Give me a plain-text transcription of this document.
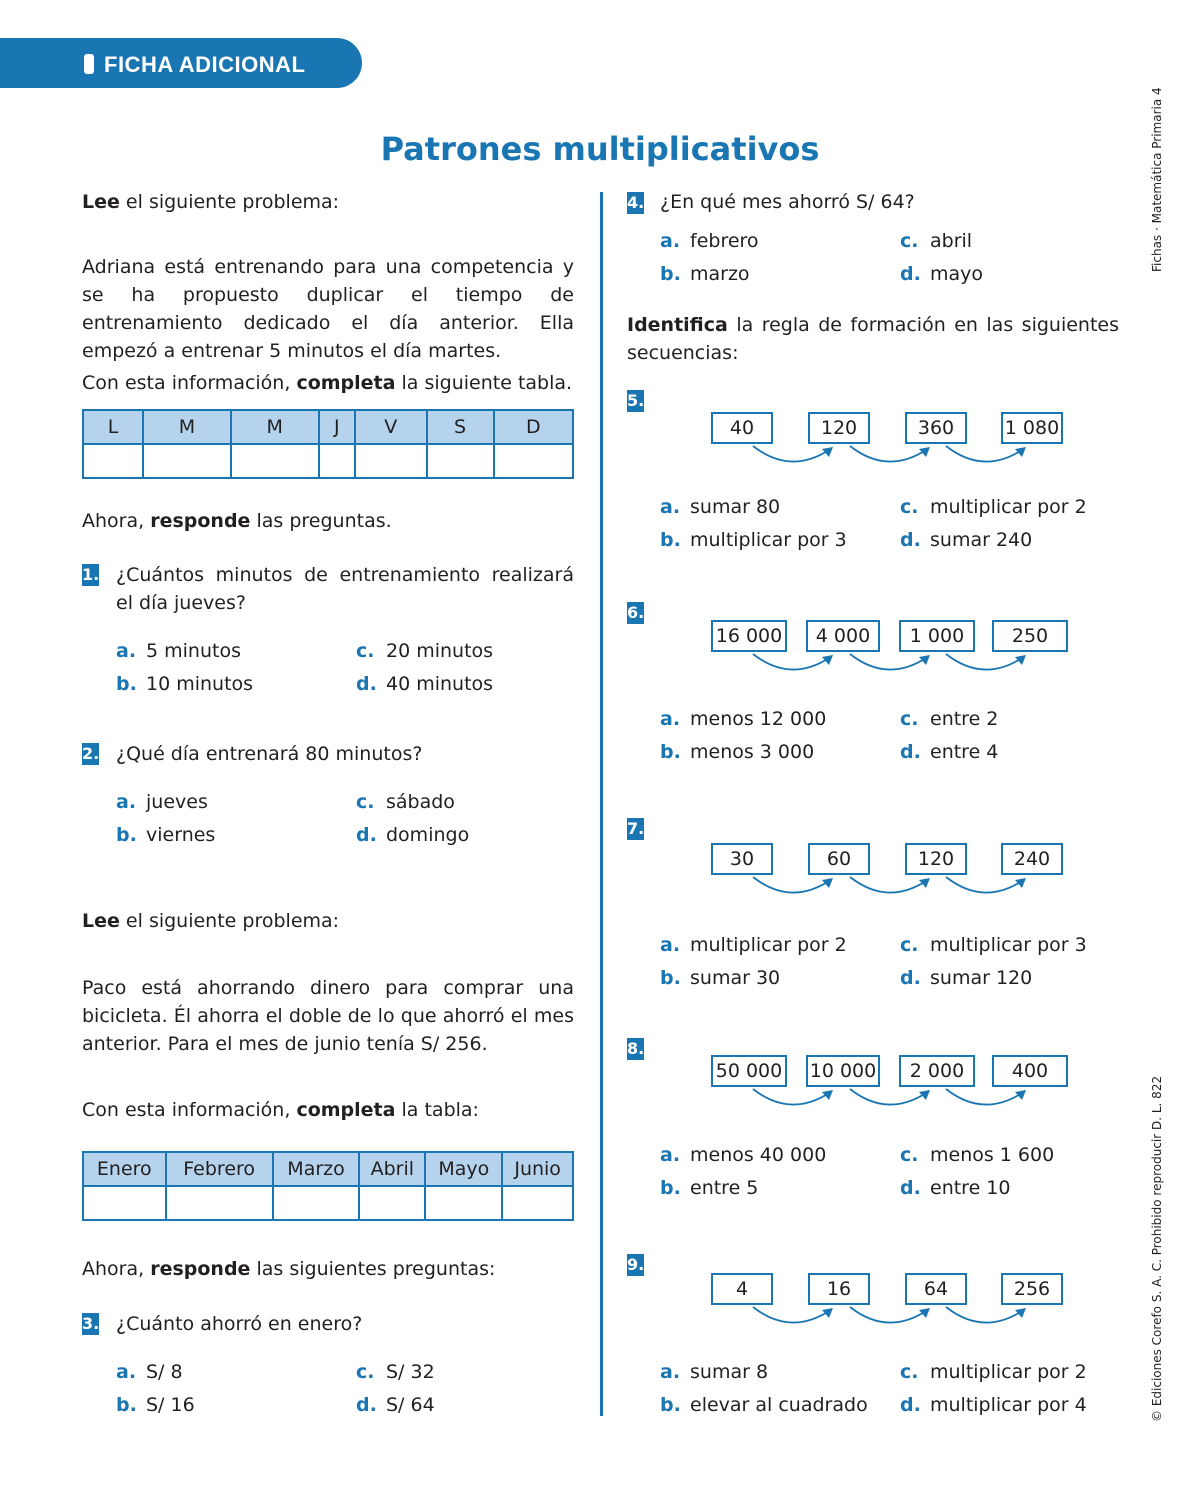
FICHA ADICIONAL
Patrones multiplicativos	Fichas · Matemática Primaria 4
© Ediciones Corefo S. A. C. Prohibido reproducir D. L. 822
Lee el siguiente problema:
Adriana está entrenando para una competencia y se ha propuesto duplicar el tiempo de entrenamiento dedicado el día anterior. Ella empezó a entrenar 5 minutos el día martes.
Con esta información, completa la siguiente tabla.
L	M	M	J	V	S	D

Ahora, responde las preguntas.
1. ¿Cuántos minutos de entrenamiento realizará el día jueves?
a. 5 minutos
b. 10 minutos
c. 20 minutos
d. 40 minutos
2. ¿Qué día entrenará 80 minutos?
a. jueves
b. viernes
c. sábado
d. domingo
Lee el siguiente problema:
Paco está ahorrando dinero para comprar una bicicleta. Él ahorra el doble de lo que ahorró el mes anterior. Para el mes de junio tenía S/ 256.
Con esta información, completa la tabla:
Enero	Febrero	Marzo	Abril	Mayo	Junio

Ahora, responde las siguientes preguntas:
3. ¿Cuánto ahorró en enero?
a. S/ 8
b. S/ 16
c. S/ 32
d. S/ 64
4. ¿En qué mes ahorró S/ 64?
a. febrero
b. marzo
c. abril
d. mayo
Identifica la regla de formación en las siguientes secuencias:
5.
40	120	360	1 080
a. sumar 80
b. multiplicar por 3
c. multiplicar por 2
d. sumar 240
6.
16 000	4 000	1 000	250
a. menos 12 000
b. menos 3 000
c. entre 2
d. entre 4
7.
30	60	120	240
a. multiplicar por 2
b. sumar 30
c. multiplicar por 3
d. sumar 120
8.
50 000 10 000	2 000	400
a. menos 40 000
b. entre 5
c. menos 1 600
d. entre 10
9.
4	16	64	256
a. sumar 8
b. elevar al cuadrado
c. multiplicar por 2
d. multiplicar por 4
